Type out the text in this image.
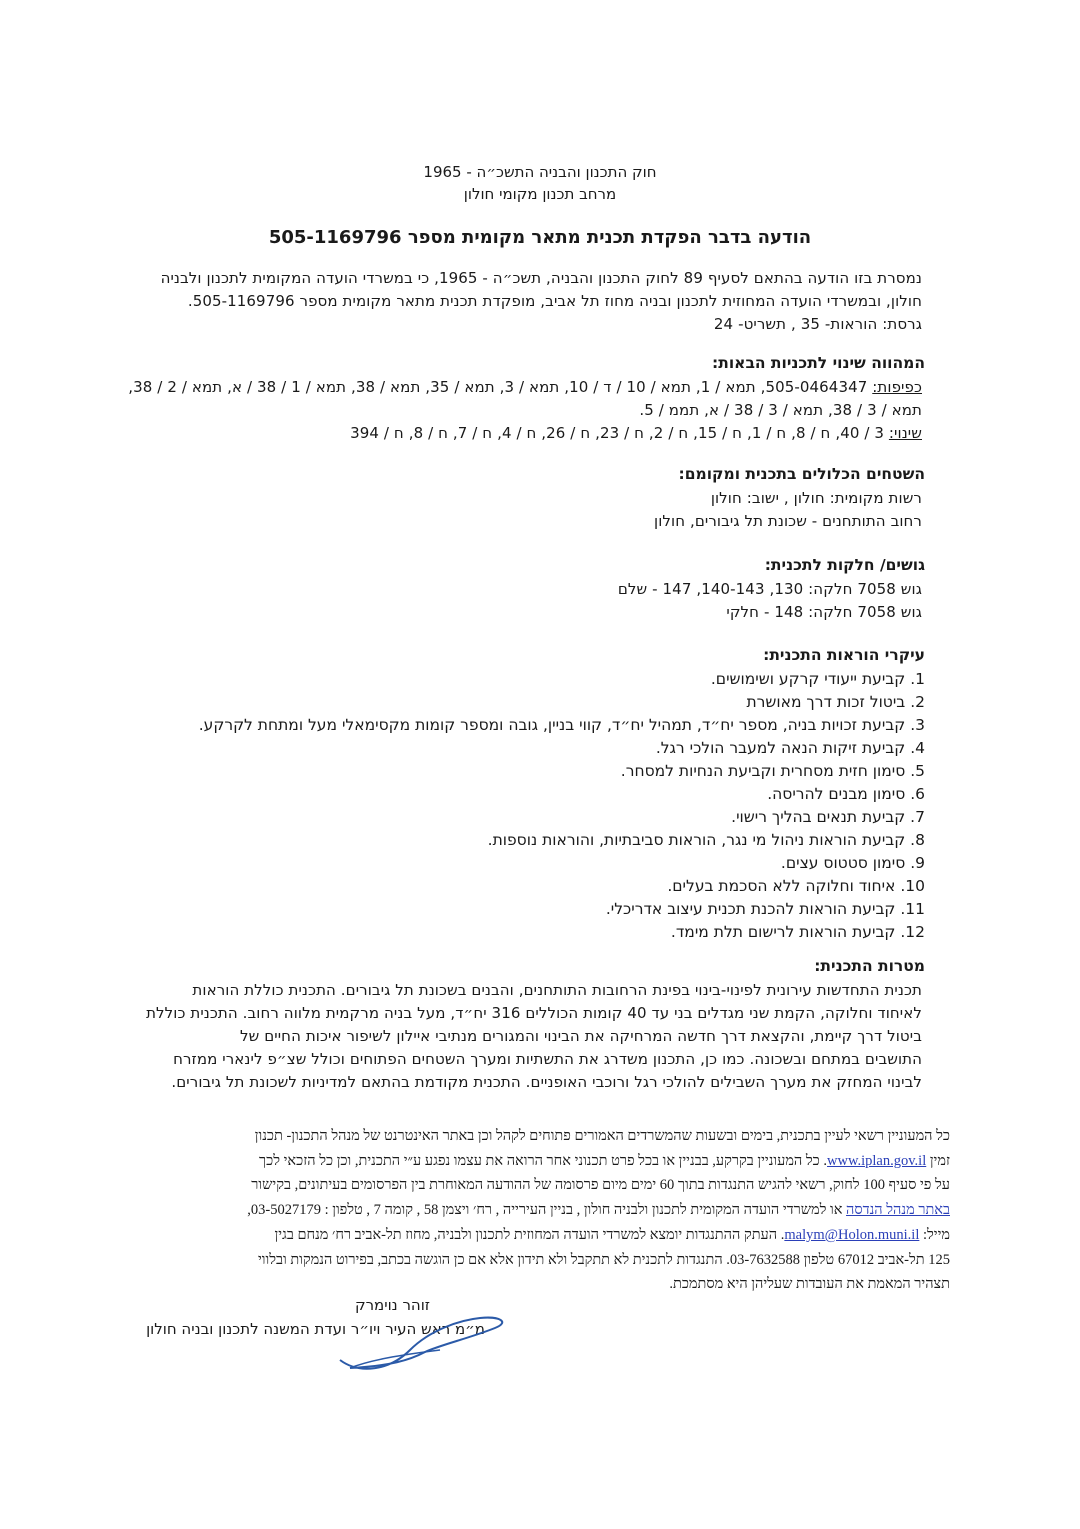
חוק התכנון והבניה התשכ״ה - 1965
מרחב תכנון מקומי חולון
הודעה בדבר הפקדת תכנית מתאר מקומית מספר 505-1169796
נמסרת בזו הודעה בהתאם לסעיף 89 לחוק התכנון והבניה, תשכ״ה - 1965, כי במשרדי הועדה המקומית לתכנון ולבניה
חולון, ובמשרדי הועדה המחוזית לתכנון ובניה מחוז תל אביב, מופקדת תכנית מתאר מקומית מספר 505-1169796.
גרסת: הוראות- 35 , תשריט- 24
המהווה שינוי לתכניות הבאות:
כפיפות: 505-0464347, תמא / 1, תמא / 10 / ד / 10, תמא / 3, תמא / 35, תמא / 38, תמא / 1 / 38 / א, תמא / 2 / 38,
תמא / 3 / 38, תמא / 3 / 38 / א, תממ / 5.
שינוי: 3 / 40, ח / 8, ח / 1, ח / 15, ח / 2, ח / 23, ח / 26, ח / 4, ח / 7, ח / 8, ח / 394
השטחים הכלולים בתכנית ומקומם:
רשות מקומית: חולון , ישוב: חולון
רחוב התותחנים - שכונת תל גיבורים, חולון
גושים/ חלקות לתכנית:
גוש 7058 חלקה: 130, 140-143, 147 - שלם
גוש 7058 חלקה: 148 - חלקי
עיקרי הוראות התכנית:
1. קביעת ייעודי קרקע ושימושים.
2. ביטול זכות דרך מאושרת
3. קביעת זכויות בניה, מספר יח״ד, תמהיל יח״ד, קווי בניין, גובה ומספר קומות מקסימאלי מעל ומתחת לקרקע.
4. קביעת זיקות הנאה למעבר הולכי רגל.
5. סימון חזית מסחרית וקביעת הנחיות למסחר.
6. סימון מבנים להריסה.
7. קביעת תנאים בהליך רישוי.
8. קביעת הוראות ניהול מי נגר, הוראות סביבתיות, והוראות נוספות.
9. סימון סטטוס עצים.
10. איחוד וחלוקה ללא הסכמת בעלים.
11. קביעת הוראות להכנת תכנית עיצוב אדריכלי.
12. קביעת הוראות לרישום תלת מימד.
מטרות התכנית:
תכנית התחדשות עירונית לפינוי-בינוי בפינת הרחובות התותחנים, והבנים בשכונת תל גיבורים. התכנית כוללת הוראות
לאיחוד וחלוקה, הקמת שני מגדלים בני עד 40 קומות הכוללים 316 יח״ד, מעל בניה מרקמית מלווה רחוב. התכנית כוללת
ביטול דרך קיימת, והקצאת דרך חדשה המרחיקה את הבינוי והמגורים מנתיבי איילון לשיפור איכות החיים של
התושבים במתחם ובשכונה. כמו כן, התכנון משדרג את התשתיות ומערך השטחים הפתוחים וכולל שצ״פ לינארי ממזרח
לבינוי המחזק את מערך השבילים להולכי רגל ורוכבי האופניים. התכנית מקודמת בהתאם למדיניות לשכונת תל גיבורים.
כל המעוניין רשאי לעיין בתכנית, בימים ובשעות שהמשרדים האמורים פתוחים לקהל וכן באתר האינטרנט של מנהל התכנון- תכנון
זמין www.iplan.gov.il. כל המעוניין בקרקע, בבניין או בכל פרט תכנוני אחר הרואה את עצמו נפגע ע״י התכנית, וכן כל הזכאי לכך
על פי סעיף 100 לחוק, רשאי להגיש התנגדות בתוך 60 ימים מיום פרסומה של ההודעה המאוחרת בין הפרסומים בעיתונים, בקישור
באתר מנהל הנדסה או למשרדי הועדה המקומית לתכנון ולבניה חולון , בניין העירייה , רח׳ ויצמן 58 , קומה 7 , טלפון : 03-5027179,
מייל: malym@Holon.muni.il. העתק ההתנגדות יומצא למשרדי הועדה המחוזית לתכנון ולבניה, מחוז תל-אביב רח׳ מנחם בגין
125 תל-אביב 67012 טלפון 03-7632588. התנגדות לתכנית לא תתקבל ולא תידון אלא אם כן הוגשה בכתב, בפירוט הנמקות ובלווי
תצהיר המאמת את העובדות שעליהן היא מסתמכת.
זוהר נוימרק
מ״מ ראש העיר ויו״ר ועדת המשנה לתכנון ובניה חולון
